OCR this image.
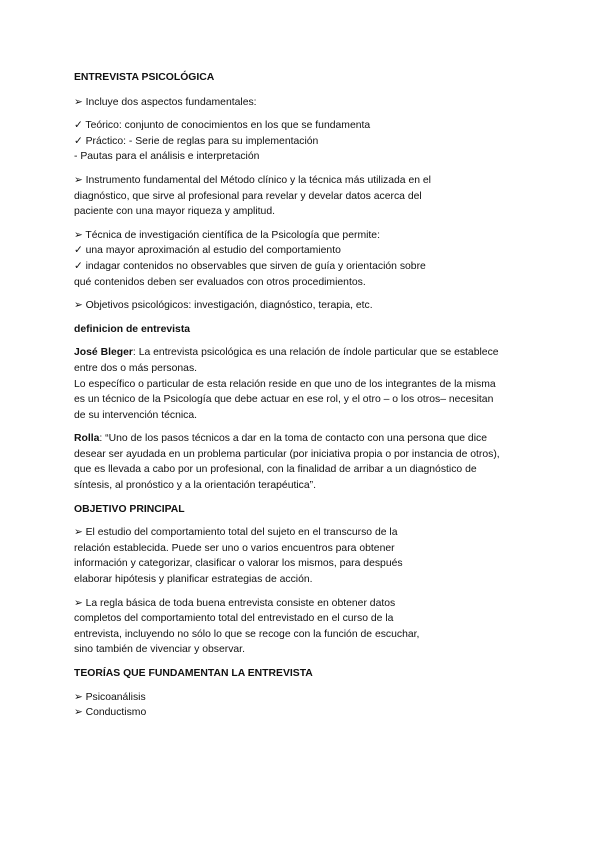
ENTREVISTA PSICOLÓGICA
➢ Incluye dos aspectos fundamentales:
✓ Teórico: conjunto de conocimientos en los que se fundamenta
✓ Práctico: - Serie de reglas para su implementación
- Pautas para el análisis e interpretación
➢ Instrumento fundamental del Método clínico y la técnica más utilizada en el
diagnóstico, que sirve al profesional para revelar y develar datos acerca del
paciente con una mayor riqueza y amplitud.
➢ Técnica de investigación científica de la Psicología que permite:
✓ una mayor aproximación al estudio del comportamiento
✓ indagar contenidos no observables que sirven de guía y orientación sobre
qué contenidos deben ser evaluados con otros procedimientos.
➢ Objetivos psicológicos: investigación, diagnóstico, terapia, etc.
definicion de entrevista
José Bleger: La entrevista psicológica es una relación de índole particular que se establece
entre dos o más personas.
Lo específico o particular de esta relación reside en que uno de los integrantes de la misma
es un técnico de la Psicología que debe actuar en ese rol, y el otro – o los otros– necesitan
de su intervención técnica.
Rolla: “Uno de los pasos técnicos a dar en la toma de contacto con una persona que dice
desear ser ayudada en un problema particular (por iniciativa propia o por instancia de otros),
que es llevada a cabo por un profesional, con la finalidad de arribar a un diagnóstico de
síntesis, al pronóstico y a la orientación terapéutica”.
OBJETIVO PRINCIPAL
➢ El estudio del comportamiento total del sujeto en el transcurso de la
relación establecida. Puede ser uno o varios encuentros para obtener
información y categorizar, clasificar o valorar los mismos, para después
elaborar hipótesis y planificar estrategias de acción.
➢ La regla básica de toda buena entrevista consiste en obtener datos
completos del comportamiento total del entrevistado en el curso de la
entrevista, incluyendo no sólo lo que se recoge con la función de escuchar,
sino también de vivenciar y observar.
TEORÍAS QUE FUNDAMENTAN LA ENTREVISTA
➢ Psicoanálisis
➢ Conductismo
